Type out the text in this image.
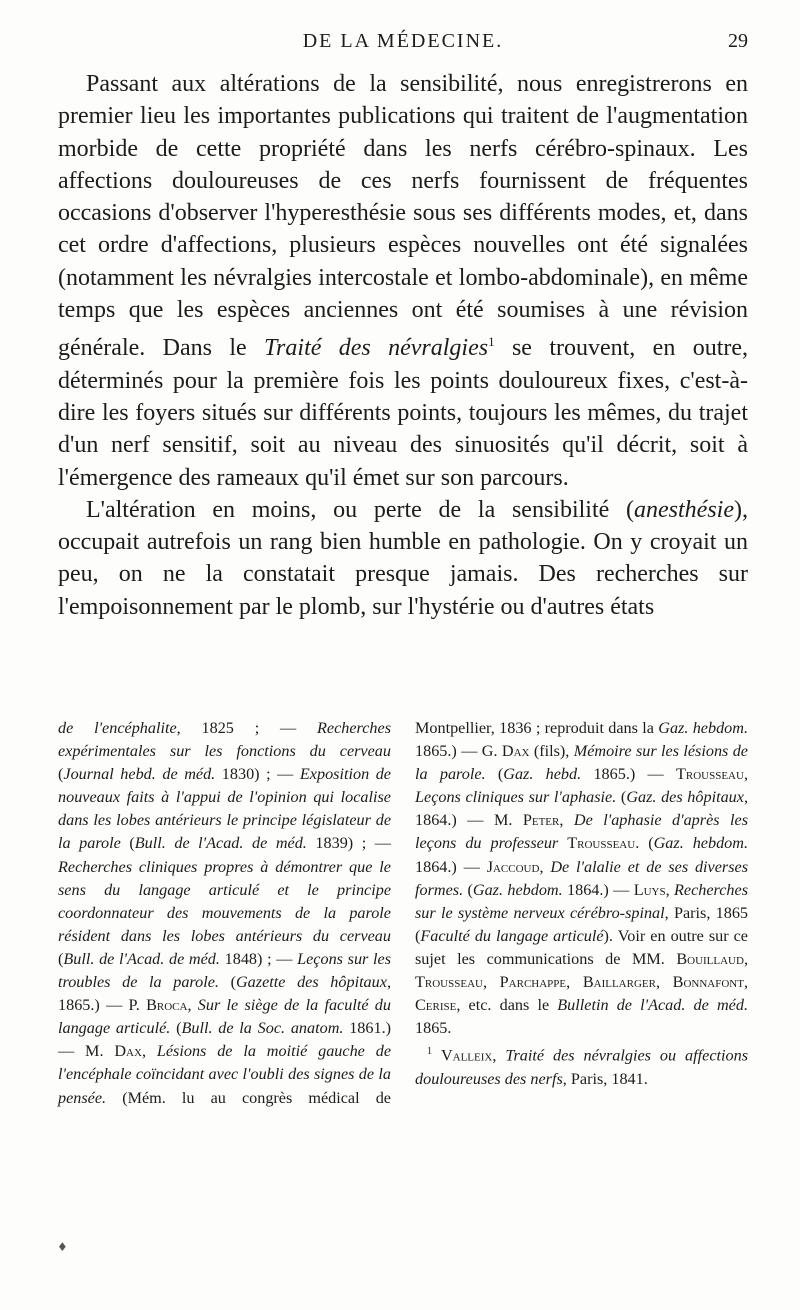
DE LA MÉDECINE.	29

Passant aux altérations de la sensibilité, nous enregistrerons en premier lieu les importantes publications qui traitent de l'augmentation morbide de cette propriété dans les nerfs cérébro-spinaux. Les affections douloureuses de ces nerfs fournissent de fréquentes occasions d'observer l'hyperesthésie sous ses différents modes, et, dans cet ordre d'affections, plusieurs espèces nouvelles ont été signalées (notamment les névralgies intercostale et lombo-abdominale), en même temps que les espèces anciennes ont été soumises à une révision générale. Dans le Traité des névralgies$^1$ se trouvent, en outre, déterminés pour la première fois les points douloureux fixes, c'est-à-dire les foyers situés sur différents points, toujours les mêmes, du trajet d'un nerf sensitif, soit au niveau des sinuosités qu'il décrit, soit à l'émergence des rameaux qu'il émet sur son parcours.

L'altération en moins, ou perte de la sensibilité (anesthésie), occupait autrefois un rang bien humble en pathologie. On y croyait un peu, on ne la constatait presque jamais. Des recherches sur l'empoisonnement par le plomb, sur l'hystérie ou d'autres états

de l'encéphalite, 1825 ; — Recherches expérimentales sur les fonctions du cerveau (Journal hebd. de méd. 1830) ; — Exposition de nouveaux faits à l'appui de l'opinion qui localise dans les lobes antérieurs le principe législateur de la parole (Bull. de l'Acad. de méd. 1839) ; — Recherches cliniques propres à démontrer que le sens du langage articulé et le principe coordonnateur des mouvements de la parole résident dans les lobes antérieurs du cerveau (Bull. de l'Acad. de méd. 1848) ; — Leçons sur les troubles de la parole. (Gazette des hôpitaux, 1865.) — P. Broca, Sur le siège de la faculté du langage articulé. (Bull. de la Soc. anatom. 1861.) — M. Dax, Lésions de la moitié gauche de l'encéphale coïncidant avec l'oubli des signes de la pensée. (Mém. lu au congrès médical de Montpellier, 1836 ; reproduit dans la Gaz. hebdom. 1865.) — G. Dax (fils), Mémoire sur les lésions de la parole. (Gaz. hebd. 1865.) — Trousseau, Leçons cliniques sur l'aphasie. (Gaz. des hôpitaux, 1864.) — M. Peter, De l'aphasie d'après les leçons du professeur Trousseau. (Gaz. hebdom. 1864.) — Jaccoud, De l'alalie et de ses diverses formes. (Gaz. hebdom. 1864.) — Luys, Recherches sur le système nerveux cérébro-spinal, Paris, 1865 (Faculté du langage articulé). Voir en outre sur ce sujet les communications de MM. Bouillaud, Trousseau, Parchappe, Baillarger, Bonnafont, Cerise, etc. dans le Bulletin de l'Acad. de méd. 1865.

$^1$ Valleix, Traité des névralgies ou affections douloureuses des nerfs, Paris, 1841.

♦
